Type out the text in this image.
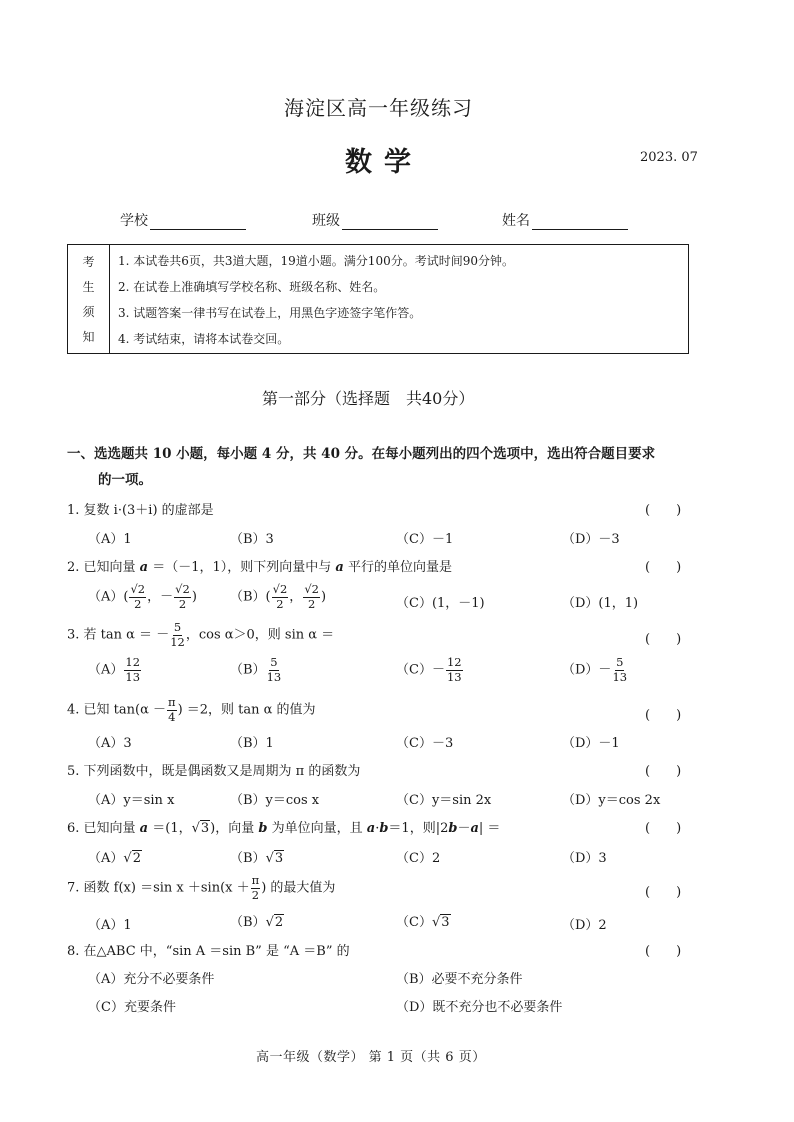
海淀区高一年级练习
数学	2023. 07
学校	班级	姓名
考
生
须
知
1. 本试卷共6页，共3道大题，19道小题。满分100分。考试时间90分钟。
2. 在试卷上准确填写学校名称、班级名称、姓名。
3. 试题答案一律书写在试卷上，用黑色字迹签字笔作答。
4. 考试结束，请将本试卷交回。
第一部分（选择题　共40分）
一、选选题共 10 小题，每小题 4 分，共 40 分。在每小题列出的四个选项中，选出符合题目要求
的一项。
1. 复数 i·(3＋i) 的虚部是	(　　)
（A）1	（B）3	（C）－1	（D）－3
2. 已知向量 a ＝（－1，1），则下列向量中与 a 平行的单位向量是	(　　)
$(A)( \frac{√2}{2}$ ，－ $\frac{√2}{2}$ )	$(B)( \frac{√2}{2}$ ， $\frac{√2}{2}$ )	（C）(1，－1)	（D）(1，1)
3. 若 tan α ＝ － $\frac{5}{12}$ ，cos α＞0，则 sin α ＝	(　　)
$(A) \frac{12}{13}$	$(B) \frac{5}{13}$	$(C)- \frac{12}{13}$	$(D)- \frac{5}{13}$
4. 已知 $\tan(\alpha - \frac{\pi}{4}$ ) ＝2，则 tan α 的值为	(　　)
（A）3	（B）1	（C）－3	（D）－1
5. 下列函数中，既是偶函数又是周期为 π 的函数为	(　　)
（A）y＝sin x	（B）y＝cos x	（C）y＝sin 2x	（D）y＝cos 2x
6. 已知向量 a ＝(1，√3)，向量 b 为单位向量，且 a·b＝1，则|2b－a| ＝	(　　)
（A）√2	（B）√3	（C）2	（D）3
7. 函数 f(x) ＝sin $x +\sin(x + \frac{\pi}{2}$ ) 的最大值为	(　　)
（A）1	（B）√2	（C）√3	（D）2
8. 在△ABC 中，“sin A ＝sin B” 是 “A ＝B” 的	(　　)
（A）充分不必要条件	（B）必要不充分条件
（C）充要条件	（D）既不充分也不必要条件
高一年级（数学） 第 1 页（共 6 页）
